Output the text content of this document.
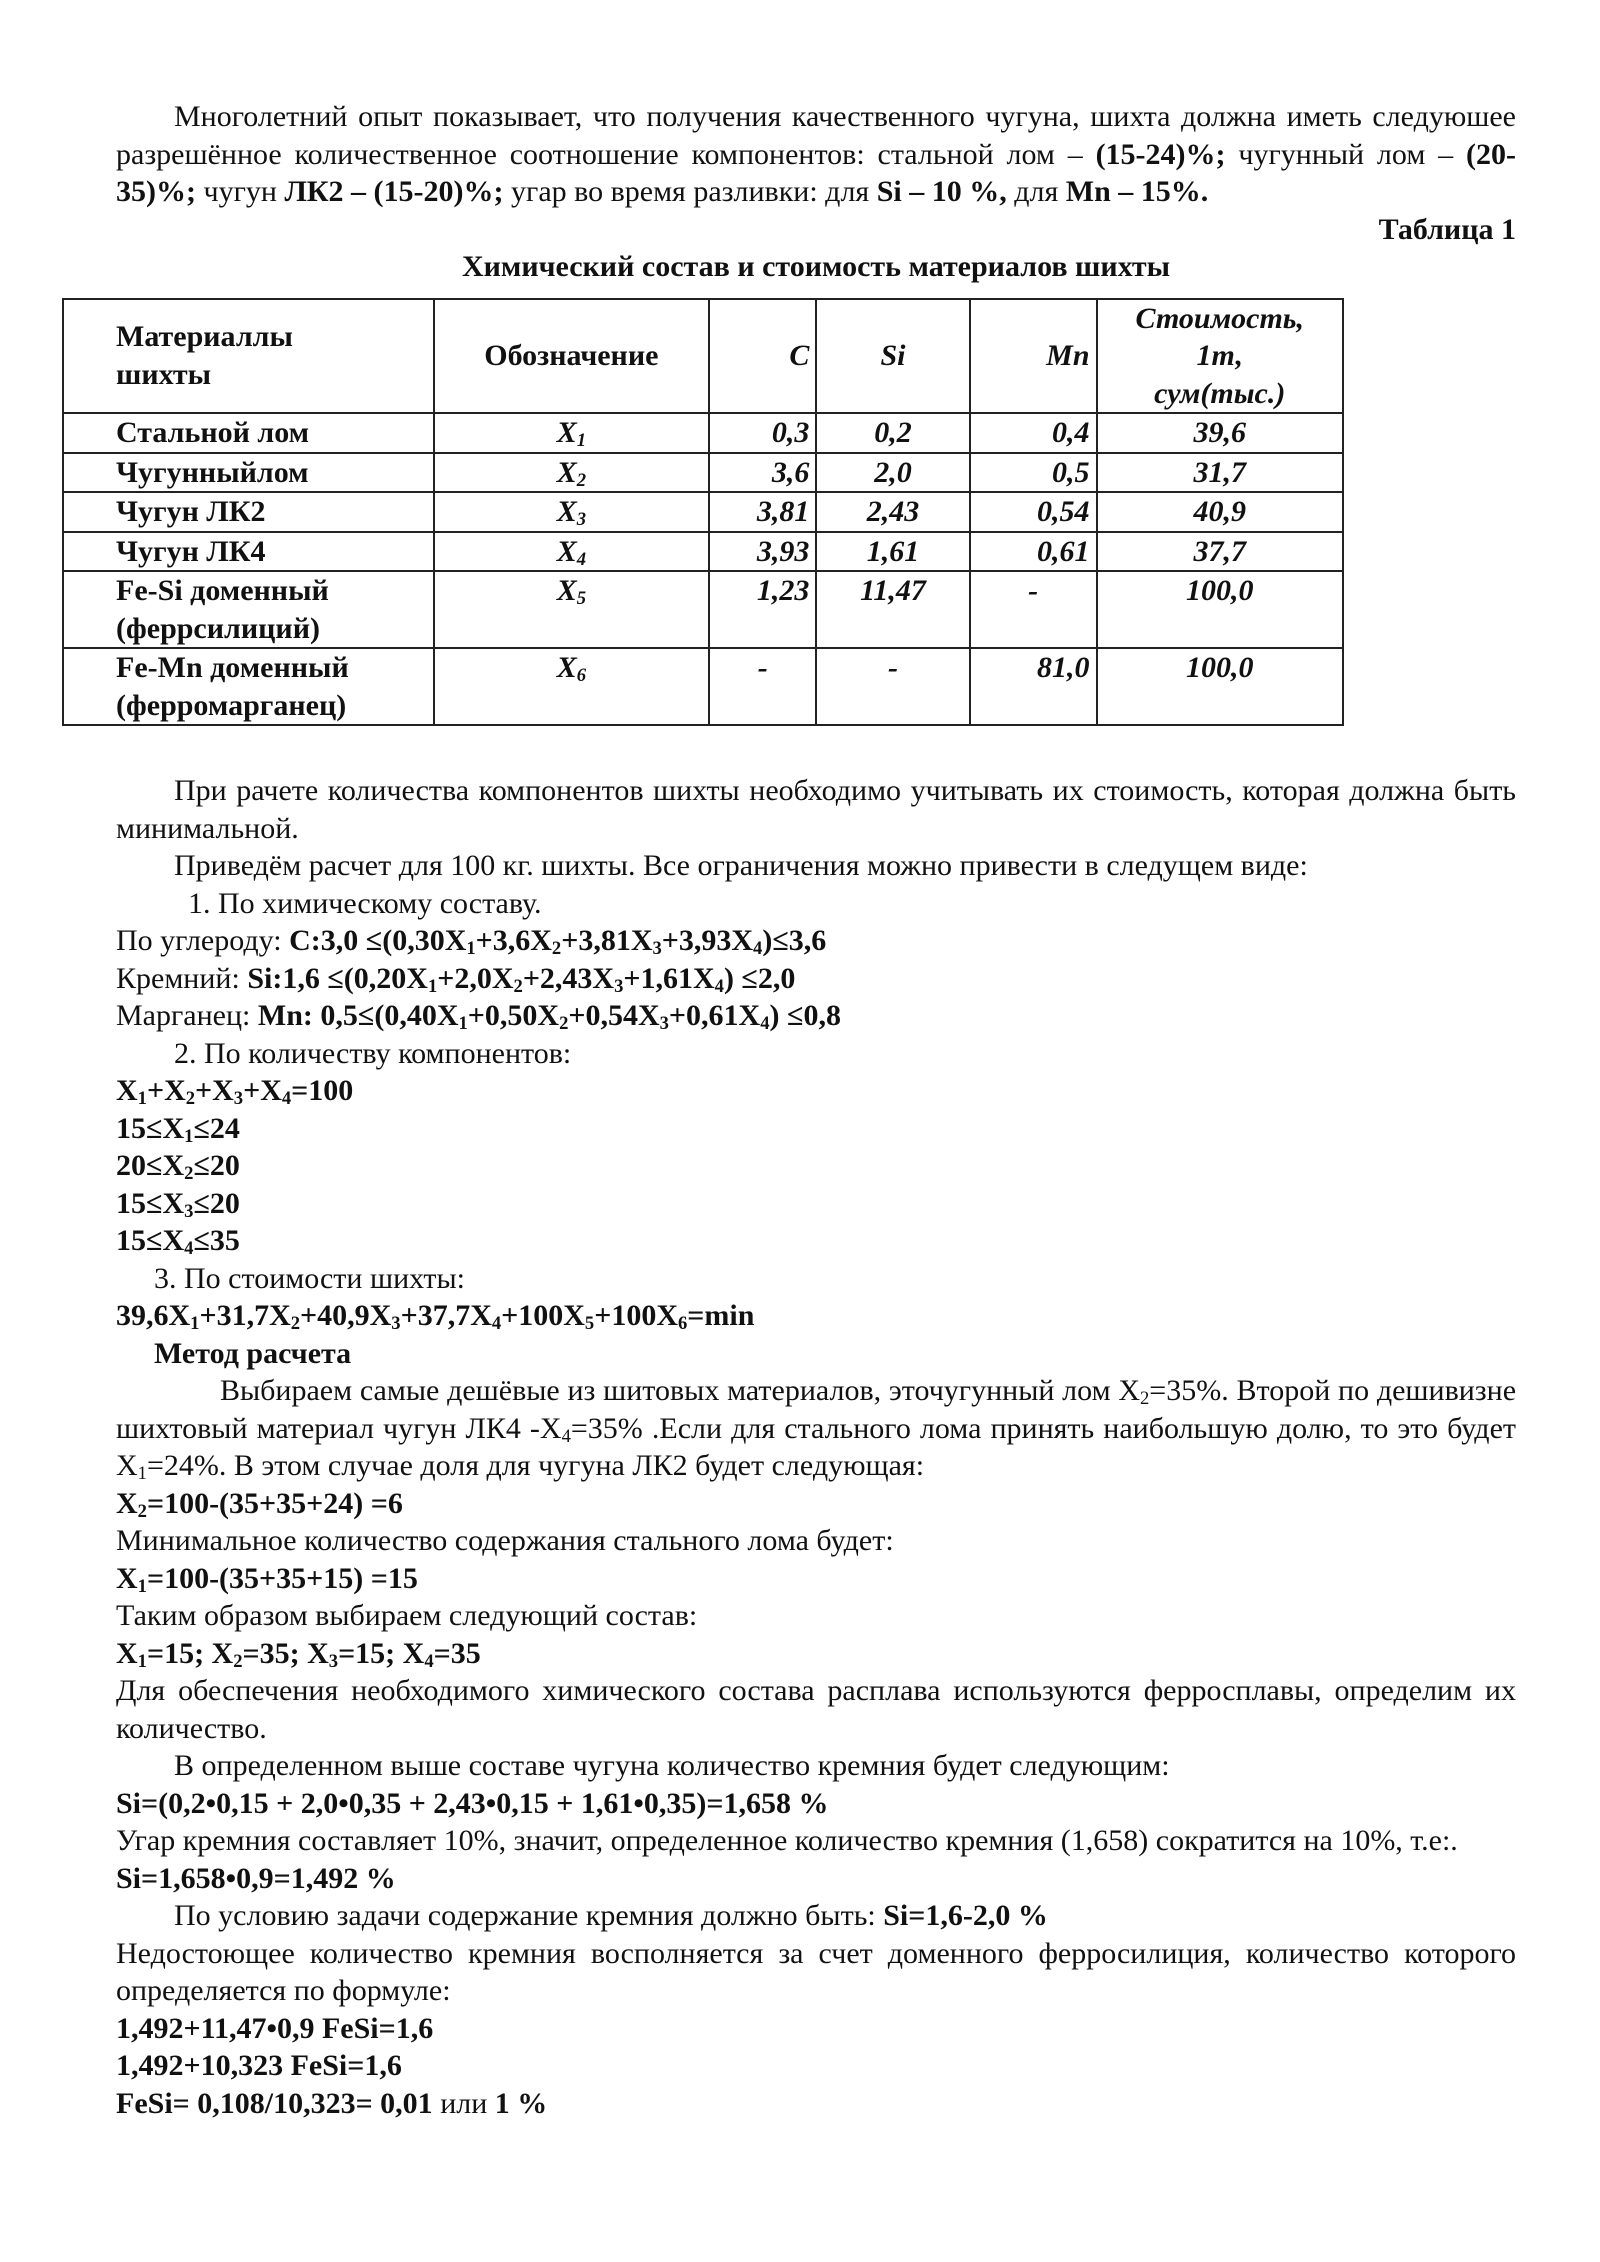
Многолетний опыт показывает, что получения качественного чугуна, шихта должна иметь следуюшее разрешённое количественное соотношение компонентов: стальной лом – (15-24)%; чугунный лом – (20-35)%; чугун ЛК2 – (15-20)%; угар во время разливки: для Si – 10 %, для Mn – 15%.

Таблица 1

Химический состав и стоимость материалов шихты

Материаллы
шихты	Обозначение	C	Si	Mn	Стоимость,
1т,
сум(тыс.)
Стальной лом	$X_1$	0,3	0,2	0,4	39,6
Чугунныйлом	$X_2$	3,6	2,0	0,5	31,7
Чугун ЛК2	$X_3$	3,81	2,43	0,54	40,9
Чугун ЛК4	$X_4$	3,93	1,61	0,61	37,7
Fe-Si доменный
(феррсилиций)	$X_5$	1,23	11,47	-	100,0
Fe-Mn доменный
(ферромарганец)	$X_6$	-	-	81,0	100,0

При рачете количества компонентов шихты необходимо учитывать их стоимость, которая должна быть минимальной.

Приведём расчет для 100 кг. шихты. Все ограничения можно привести в следущем виде:

1. По химическому составу.

По углероду: C:3,0 $\le(0,30X_1+3,6X_2+3,81X_3+3,93X_4)\le 3,6$

Кремний: Si:1,6 $\le(0,20X_1+2,0X_2+2,43X_3+1,61X_4) \le 2,0$

Марганец: Mn: $0,5\le(0,40X_1+0,50X_2+0,54X_3+0,61X_4) \le 0,8$

2. По количеству компонентов:

$X_1+X_2+X_3+X_4=100$

$15\le X_1\le 24$

$20\le X_2\le 20$

$15\le X_3\le 20$

$15\le X_4\le 35$

3. По стоимости шихты:

$39,6X_1+31,7X_2+40,9X_3+37,7X_4+100X_5+100X_6=\min$

Метод расчета

Выбираем самые дешёвые из шитовых материалов, эточугунный лом $Х_2=35\%$. Второй по дешивизне шихтовый материал чугун ЛК4 $-Х_4=35\%$ .Если для стального лома принять наибольшую долю, то это будет $Х_1=24\%$. В этом случае доля для чугуна ЛК2 будет следующая:

$X_2=100-(35+35+24) =6$

Минимальное количество содержания стального лома будет:

$X_1=100-(35+35+15) =15$

Таким образом выбираем следующий состав:

$X_1=15$; $X_2=35$; $X_3=15$; $X_4=35$

Для обеспечения необходимого химического состава расплава используются ферросплавы, определим их количество.

В определенном выше составе чугуна количество кремния будет следующим:

Si=(0,2•0,15 + 2,0•0,35 + 2,43•0,15 + 1,61•0,35)=1,658 %

Угар кремния составляет 10%, значит, определенное количество кремния (1,658) сократится на 10%, т.е:.

Si=1,658•0,9=1,492 %

По условию задачи содержание кремния должно быть: Si=1,6-2,0 %

Недостоющее количество кремния восполняется за счет доменного ферросилиция, количество которого определяется по формуле:

1,492+11,47•0,9 FeSi=1,6

1,492+10,323 FeSi=1,6

FeSi= 0,108/10,323= 0,01 или 1 %
